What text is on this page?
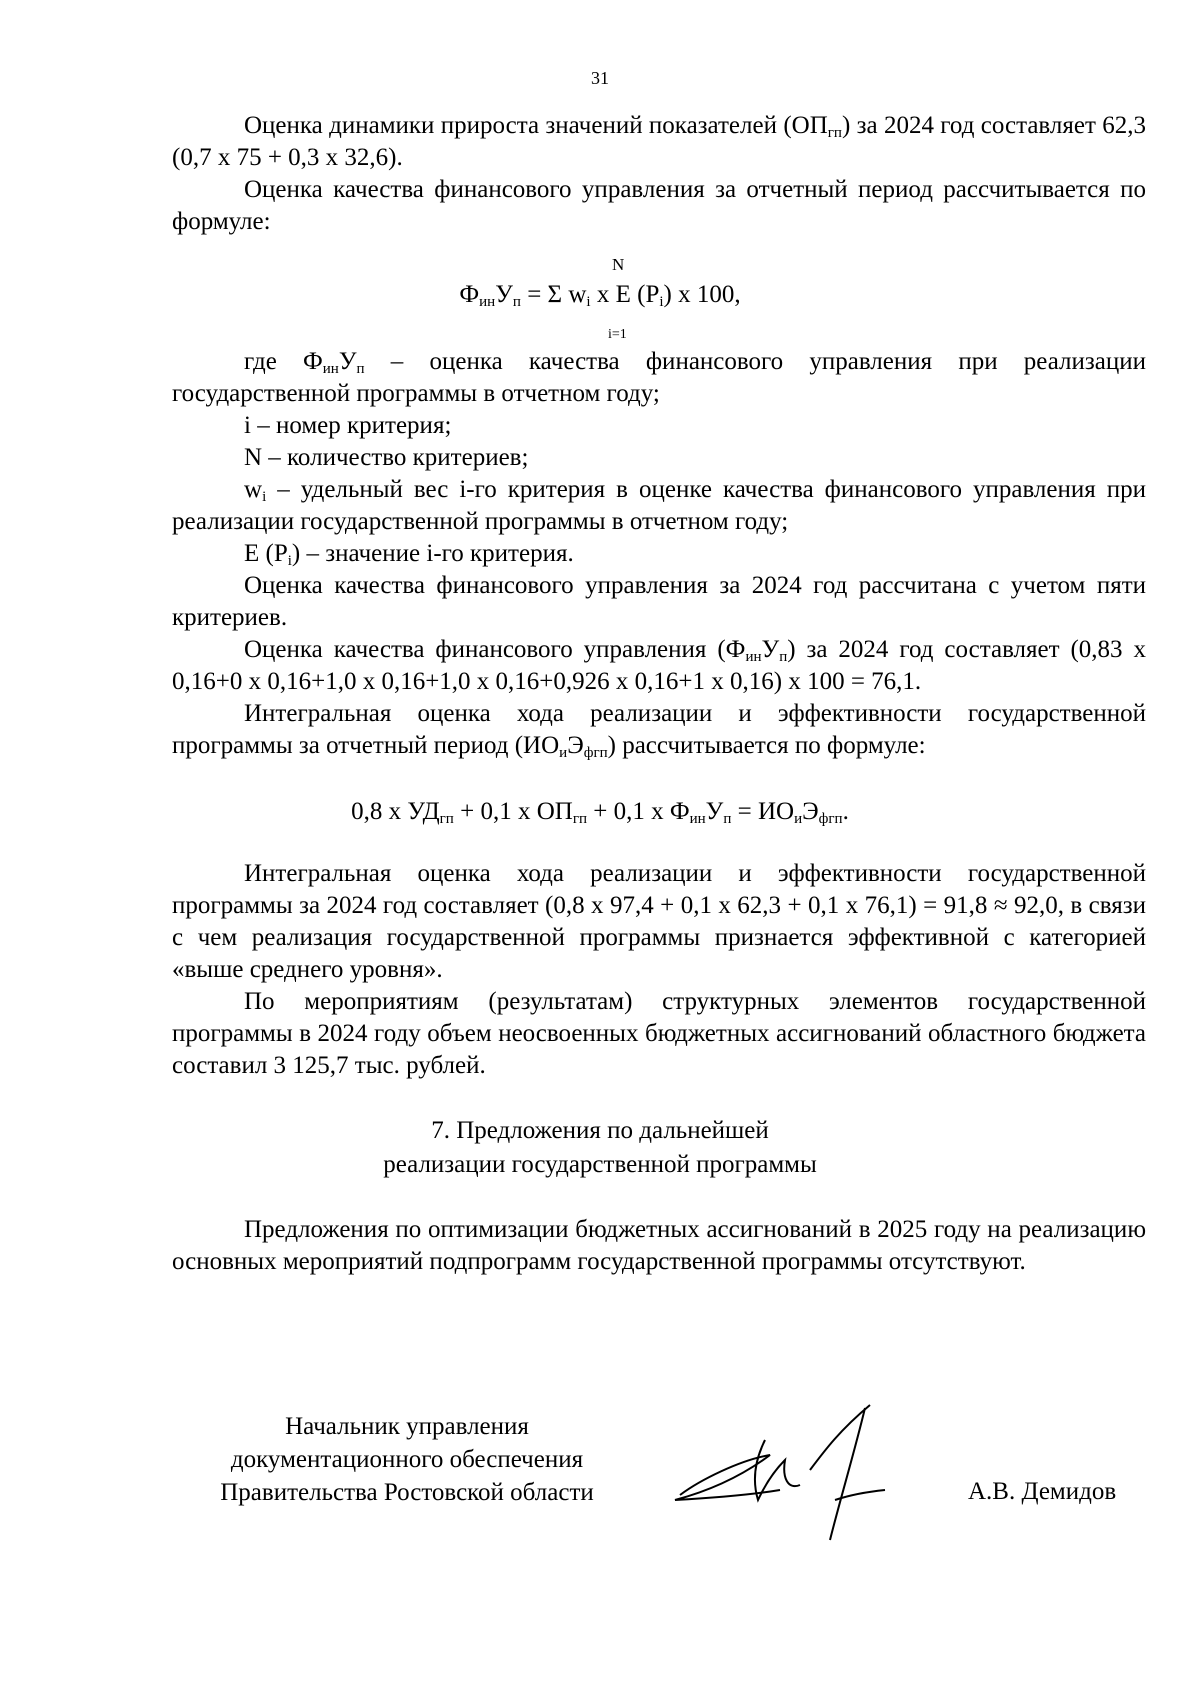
31

Оценка динамики прироста значений показателей $(ОП_{гп})$ за 2024 год составляет 62,3 (0,7 х 75 + 0,3 х 32,6).

Оценка качества финансового управления за отчетный период рассчитывается по формуле:

N
$Ф_{ин}У_п = \Sigma$ $w_i$ х Е $(Р_i)$ х 100,
i=1

где $Ф_{ин}У_п$ – оценка качества финансового управления при реализации государственной программы в отчетном году;

i – номер критерия;

N – количество критериев;

$w_i$ – удельный вес i-го критерия в оценке качества финансового управления при реализации государственной программы в отчетном году;

Е $(Р_i)$ – значение i-го критерия.

Оценка качества финансового управления за 2024 год рассчитана с учетом пяти критериев.

Оценка качества финансового управления $(Ф_{ин}У_п)$ за 2024 год составляет (0,83 х 0,16+0 х 0,16+1,0 х 0,16+1,0 х 0,16+0,926 х 0,16+1 х 0,16) х 100 = 76,1.

Интегральная оценка хода реализации и эффективности государственной программы за отчетный период $(ИО_иЭ_{фгп})$ рассчитывается по формуле:

0,8 х $УД_{гп} + 0,1$ х $ОП_{гп} + 0,1$ х $Ф_{ин}У_п = ИО_иЭ_{фгп}$.

Интегральная оценка хода реализации и эффективности государственной программы за 2024 год составляет (0,8 х 97,4 + 0,1 х 62,3 + 0,1 х 76,1) = 91,8 ≈ 92,0, в связи с чем реализация государственной программы признается эффективной с категорией «выше среднего уровня».

По мероприятиям (результатам) структурных элементов государственной программы в 2024 году объем неосвоенных бюджетных ассигнований областного бюджета составил 3 125,7 тыс. рублей.

7. Предложения по дальнейшей
реализации государственной программы

Предложения по оптимизации бюджетных ассигнований в 2025 году на реализацию основных мероприятий подпрограмм государственной программы отсутствуют.

Начальник управления
документационного обеспечения
Правительства Ростовской области	А.В. Демидов
